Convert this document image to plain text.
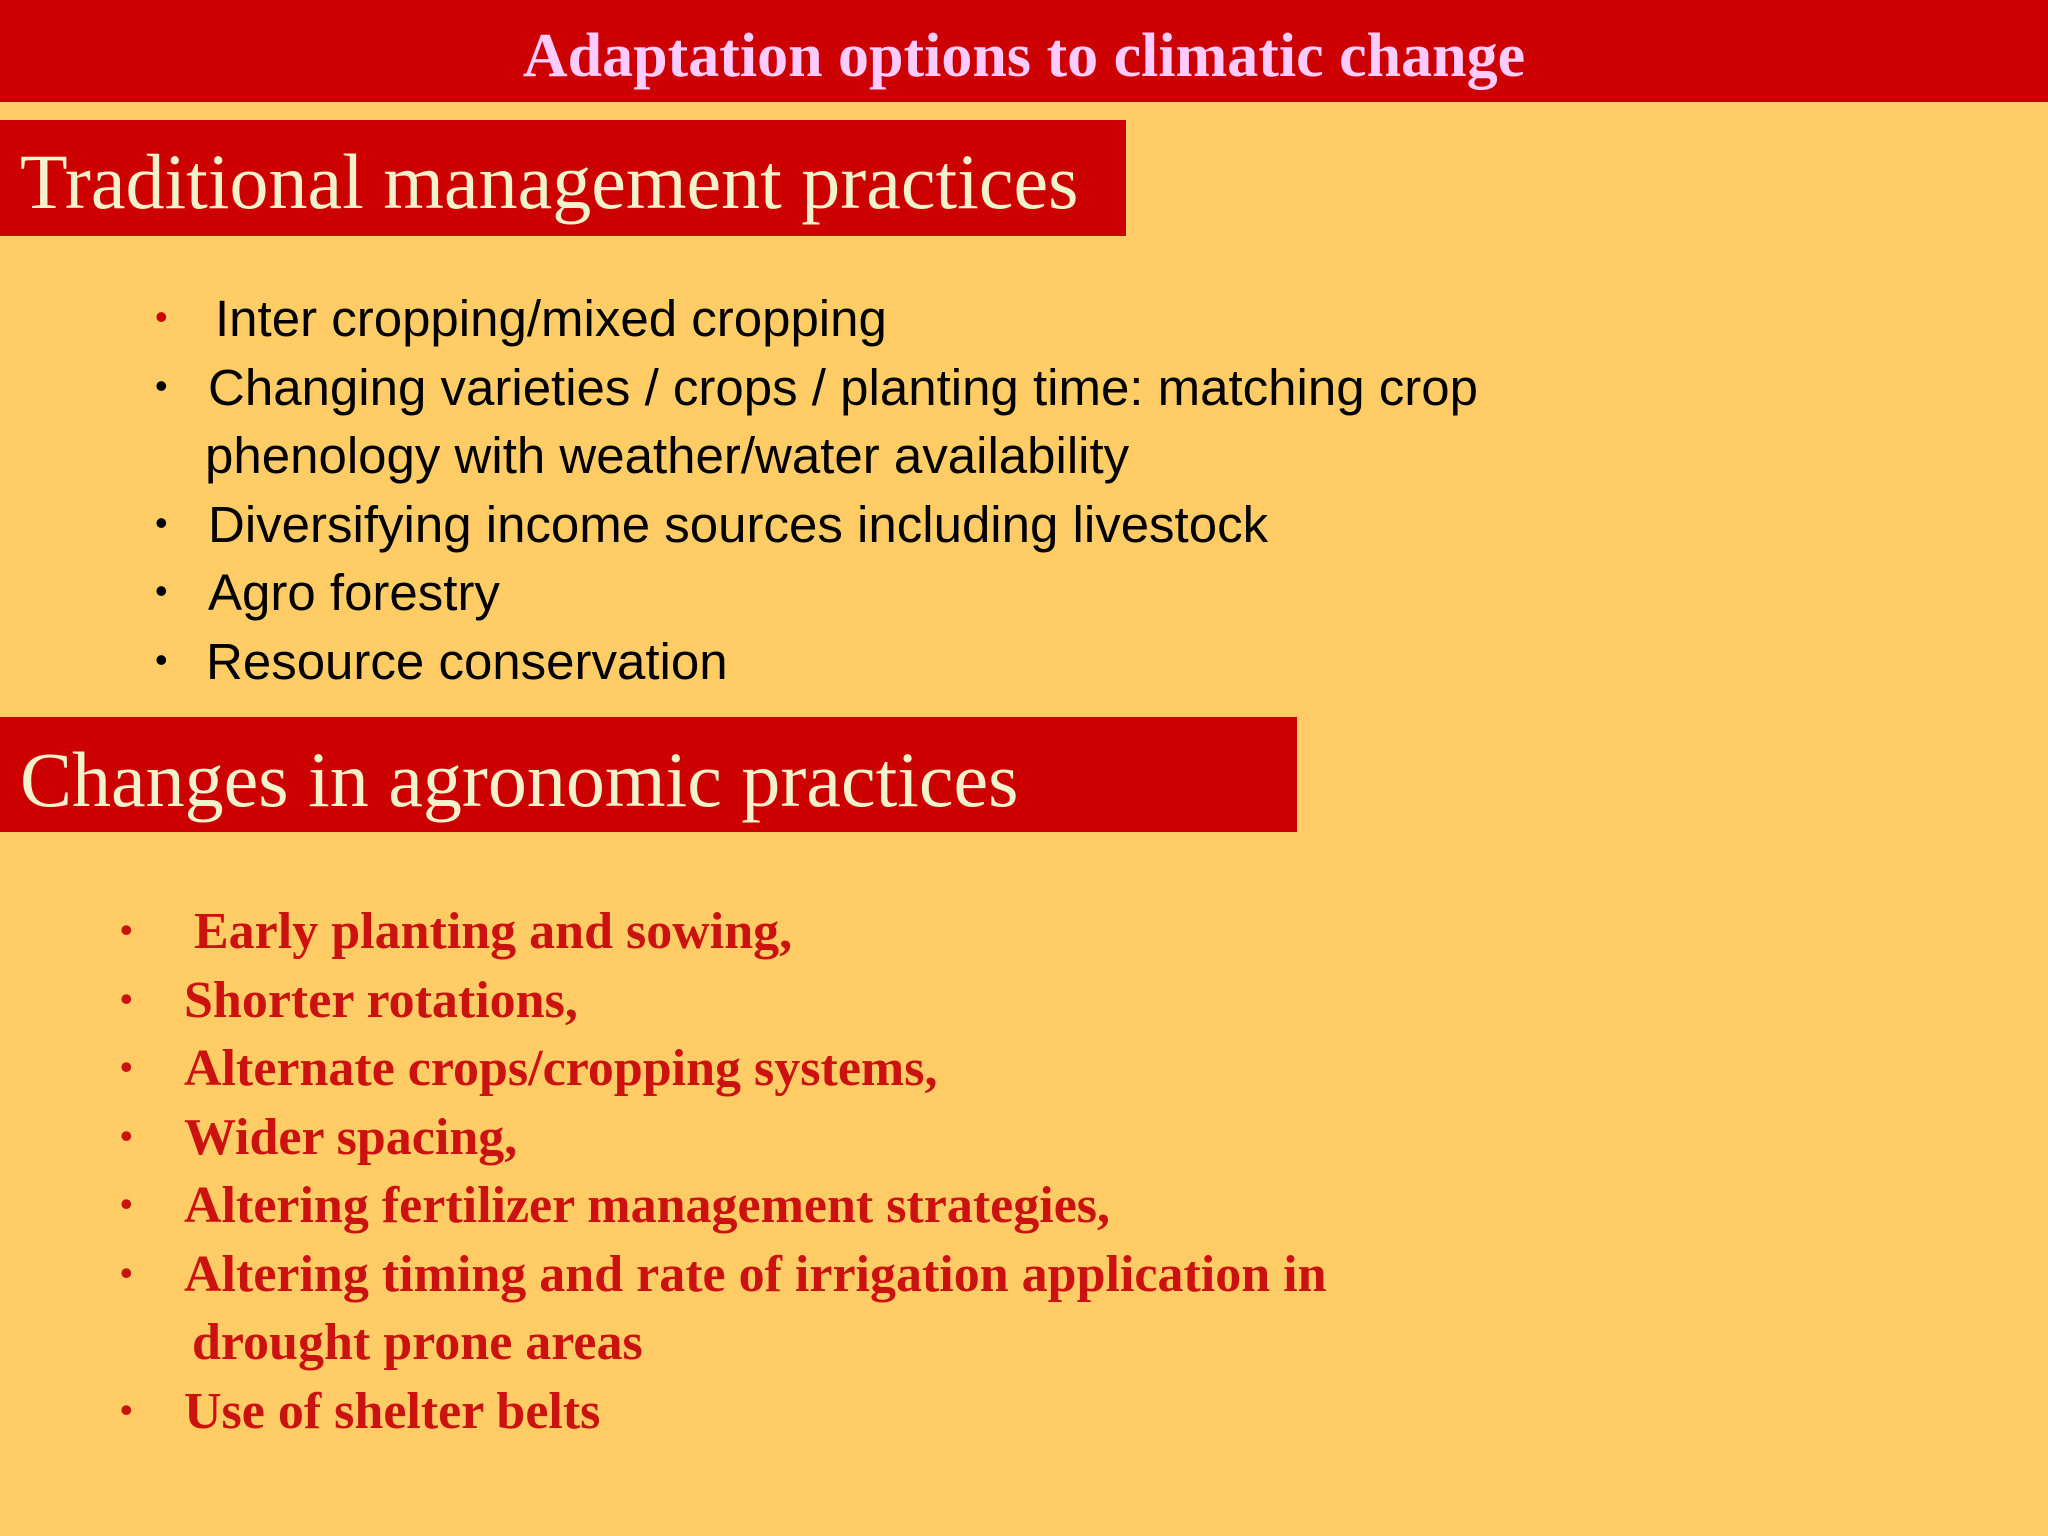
Adaptation options to climatic change
Traditional management practices
• Inter cropping/mixed cropping
• Changing varieties / crops / planting time: matching crop
phenology with weather/water availability
• Diversifying income sources including livestock
• Agro forestry
• Resource conservation
Changes in agronomic practices
•	Early planting and sowing,
• Shorter rotations,
• Alternate crops/cropping systems,
• Wider spacing,
• Altering fertilizer management strategies,
• Altering timing and rate of irrigation application in
drought prone areas
• Use of shelter belts
